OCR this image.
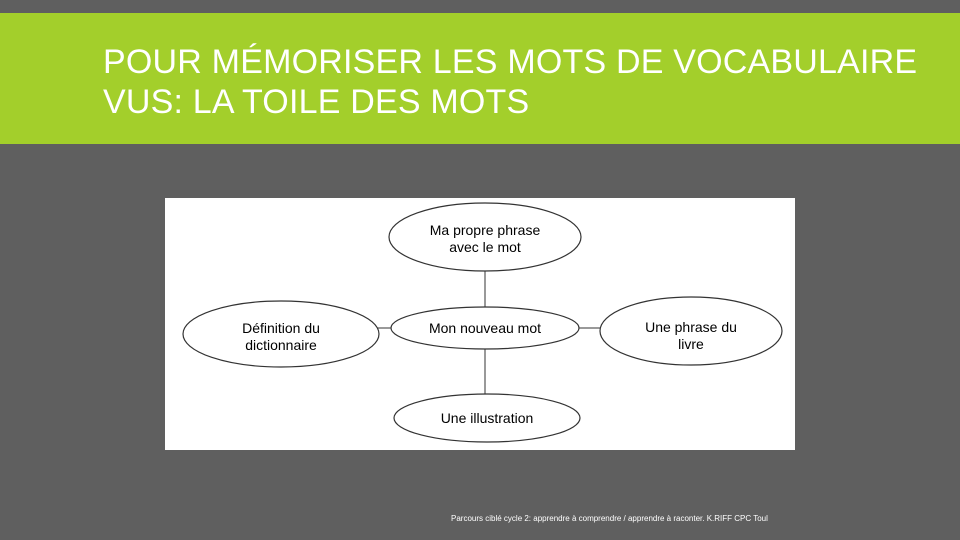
POUR MÉMORISER LES MOTS DE VOCABULAIRE VUS: LA TOILE DES MOTS
Ma propre phrase avec le mot
Mon nouveau mot
Définition du dictionnaire
Une phrase du livre
Une illustration
Parcours ciblé cycle 2: apprendre à comprendre / apprendre à raconter. K.RIFF CPC Toul
